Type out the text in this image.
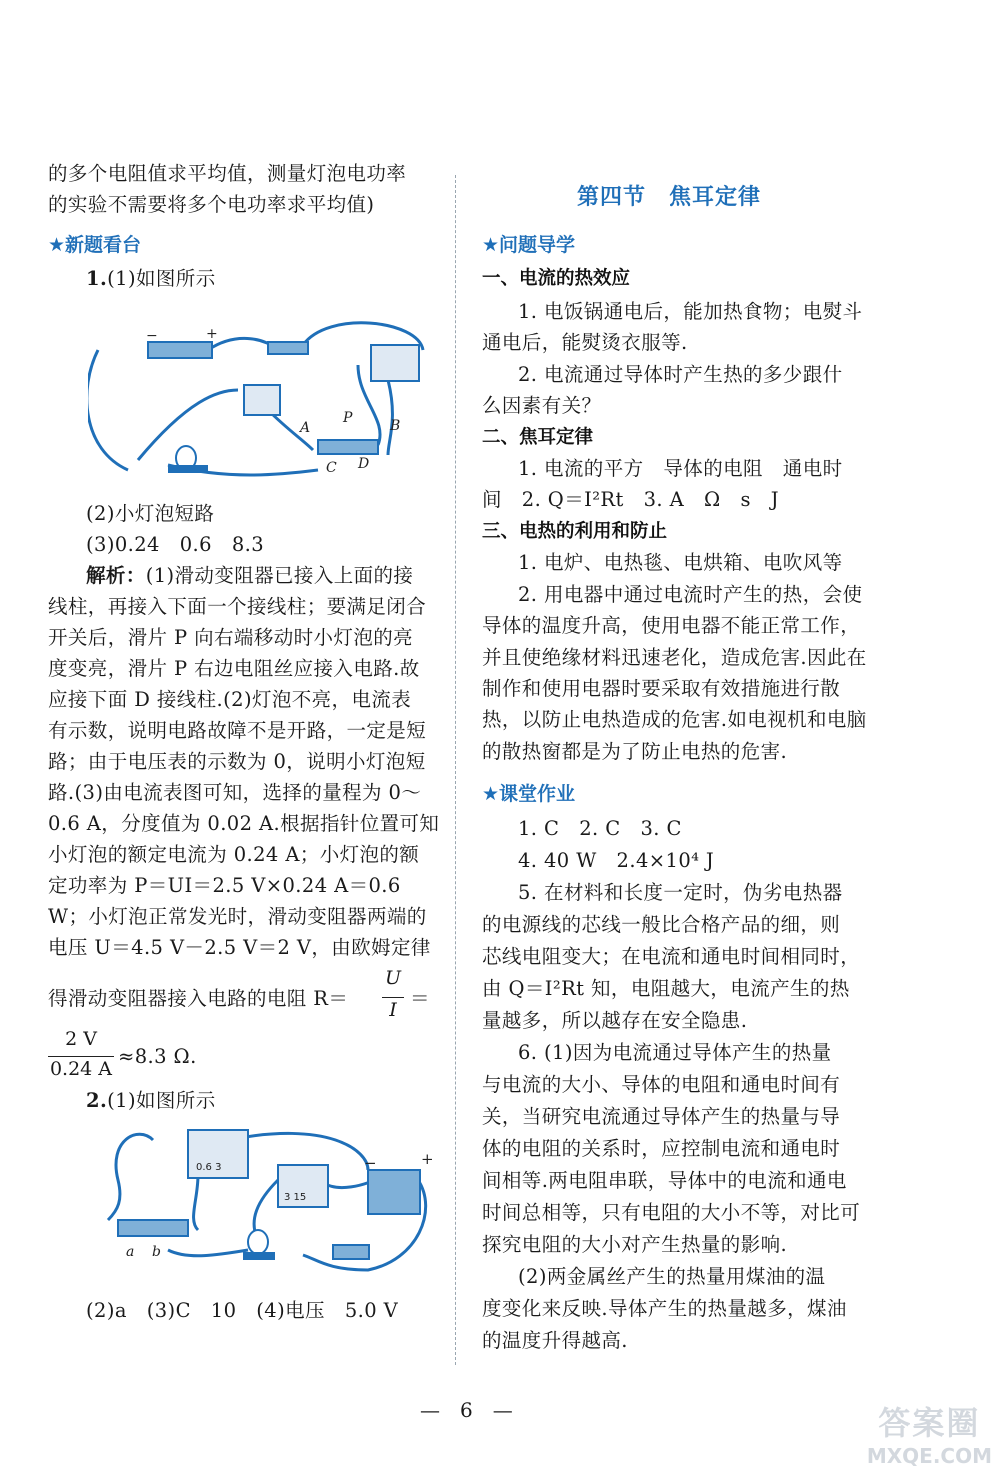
的多个电阻值求平均值，测量灯泡电功率
的实验不需要将多个电功率求平均值)
★新题看台
1.(1)如图所示
−	+
A
P	B
C D
(2)小灯泡短路
(3)0.24　0.6　8.3
解析：(1)滑动变阻器已接入上面的接
线柱，再接入下面一个接线柱；要满足闭合
开关后，滑片 P 向右端移动时小灯泡的亮
度变亮，滑片 P 右边电阻丝应接入电路.故
应接下面 D 接线柱.(2)灯泡不亮，电流表
有示数，说明电路故障不是开路，一定是短
路；由于电压表的示数为 0，说明小灯泡短
路.(3)由电流表图可知，选择的量程为 0～
0.6 A，分度值为 0.02 A.根据指针位置可知
小灯泡的额定电流为 0.24 A；小灯泡的额
定功率为 P＝UI＝2.5 V×0.24 A＝0.6
W；小灯泡正常发光时，滑动变阻器两端的
电压 U＝4.5 V－2.5 V＝2 V，由欧姆定律
得滑动变阻器接入电路的电阻 R＝
U
I ＝
2 V
0.24 A
≈8.3 Ω.
2.(1)如图所示
a b
−	+
0.6 3
3 15
(2)a　(3)C　10　(4)电压　5.0 V
第四节　焦耳定律
★问题导学
一、电流的热效应
1. 电饭锅通电后，能加热食物；电熨斗
通电后，能熨烫衣服等.
2. 电流通过导体时产生热的多少跟什
么因素有关？
二、焦耳定律
1. 电流的平方　导体的电阻　通电时
间　2. Q＝I²Rt　3. A　Ω　s　J
三、电热的利用和防止
1. 电炉、电热毯、电烘箱、电吹风等
2. 用电器中通过电流时产生的热，会使
导体的温度升高，使用电器不能正常工作，
并且使绝缘材料迅速老化，造成危害.因此在
制作和使用电器时要采取有效措施进行散
热，以防止电热造成的危害.如电视机和电脑
的散热窗都是为了防止电热的危害.
★课堂作业
1. C　2. C　3. C
4. 40 W　2.4×10⁴ J
5. 在材料和长度一定时，伪劣电热器
的电源线的芯线一般比合格产品的细，则
芯线电阻变大；在电流和通电时间相同时，
由 Q＝I²Rt 知，电阻越大，电流产生的热
量越多，所以越存在安全隐患.
6. (1)因为电流通过导体产生的热量
与电流的大小、导体的电阻和通电时间有
关，当研究电流通过导体产生的热量与导
体的电阻的关系时，应控制电流和通电时
间相等.两电阻串联，导体中的电流和通电
时间总相等，只有电阻的大小不等，对比可
探究电阻的大小对产生热量的影响.
(2)两金属丝产生的热量用煤油的温
度变化来反映.导体产生的热量越多，煤油
的温度升得越高.
—　6　—	答案圈
MXQE.COM
